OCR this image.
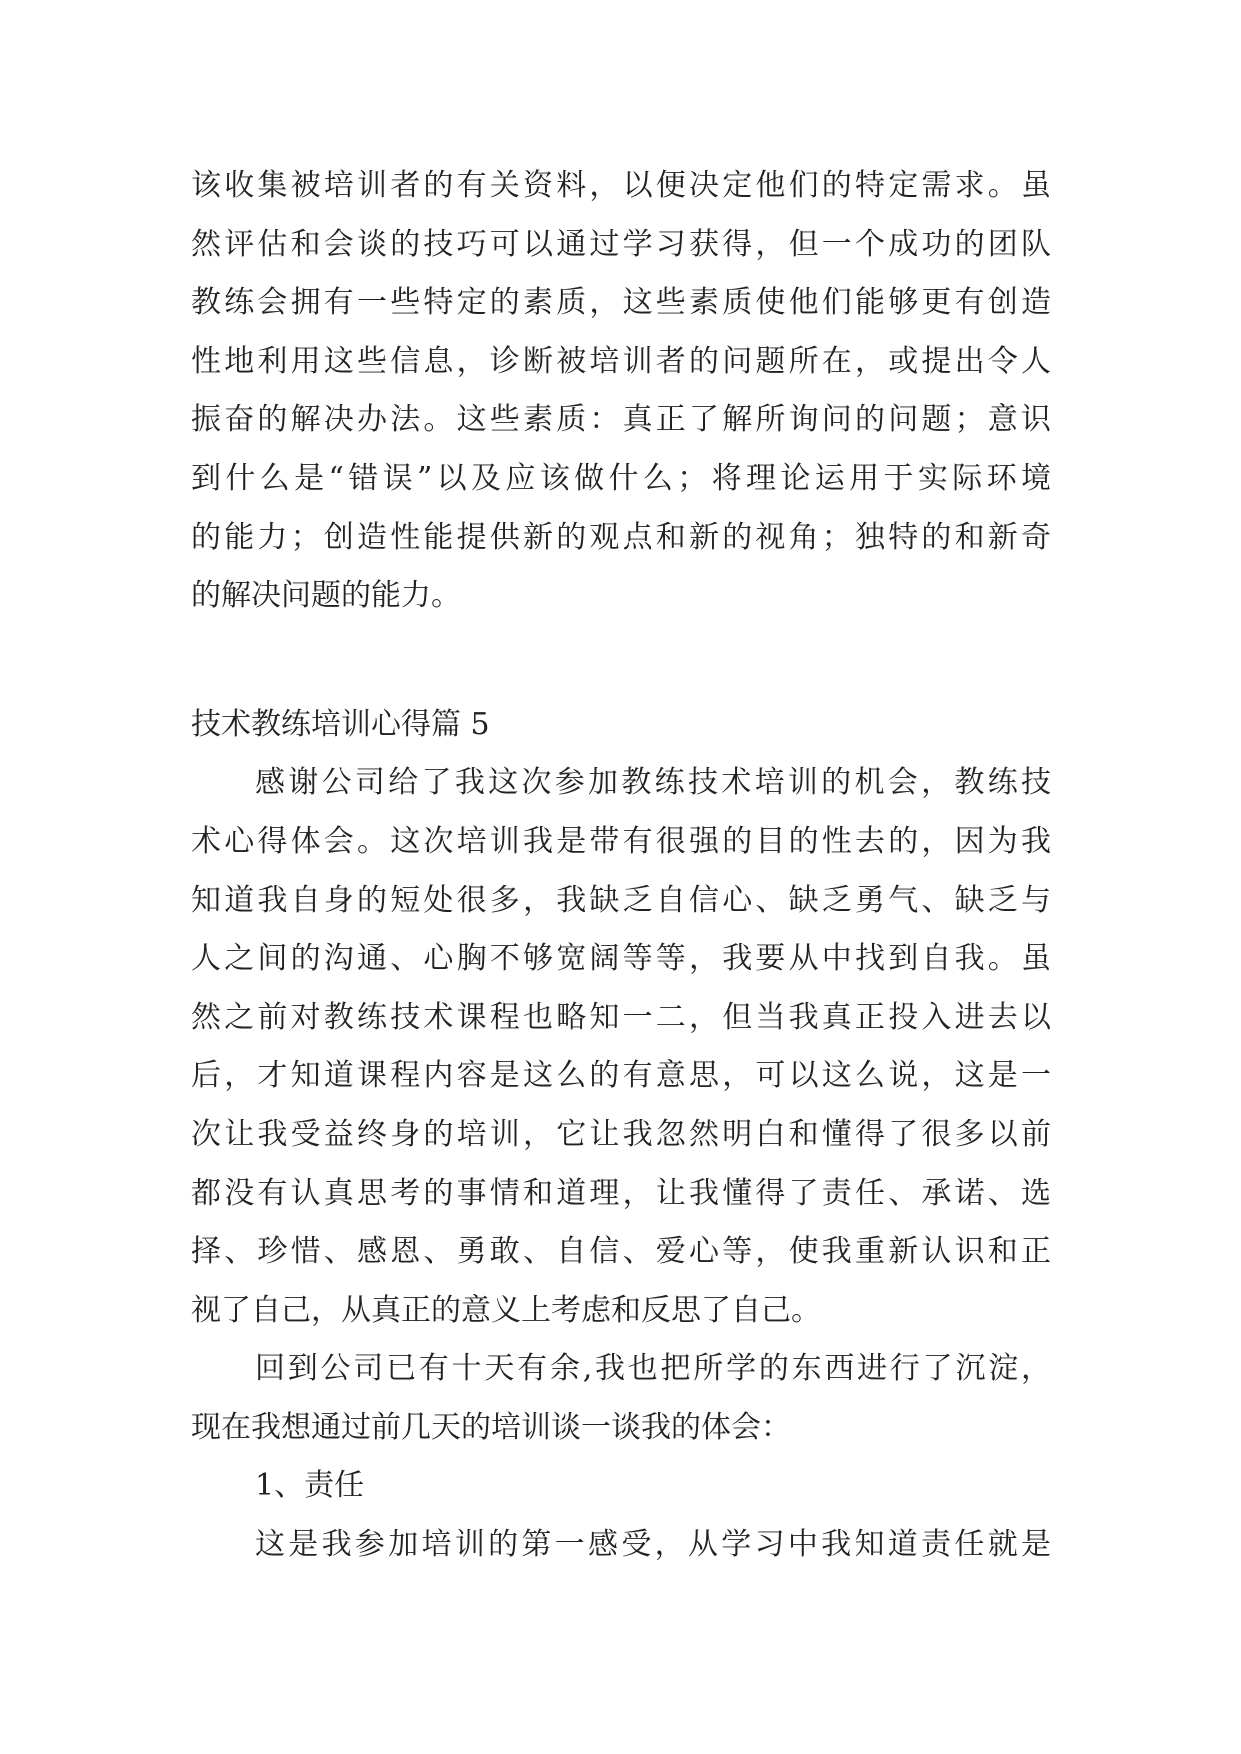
该收集被培训者的有关资料，以便决定他们的特定需求。虽
然评估和会谈的技巧可以通过学习获得，但一个成功的团队
教练会拥有一些特定的素质，这些素质使他们能够更有创造
性地利用这些信息，诊断被培训者的问题所在，或提出令人
振奋的解决办法。这些素质：真正了解所询问的问题；意识
到什么是“错误”以及应该做什么；将理论运用于实际环境
的能力；创造性能提供新的观点和新的视角；独特的和新奇
的解决问题的能力。
技术教练培训心得篇 5
感谢公司给了我这次参加教练技术培训的机会，教练技
术心得体会。这次培训我是带有很强的目的性去的，因为我
知道我自身的短处很多，我缺乏自信心、缺乏勇气、缺乏与
人之间的沟通、心胸不够宽阔等等，我要从中找到自我。虽
然之前对教练技术课程也略知一二，但当我真正投入进去以
后，才知道课程内容是这么的有意思，可以这么说，这是一
次让我受益终身的培训，它让我忽然明白和懂得了很多以前
都没有认真思考的事情和道理，让我懂得了责任、承诺、选
择、珍惜、感恩、勇敢、自信、爱心等，使我重新认识和正
视了自己，从真正的意义上考虑和反思了自己。
回到公司已有十天有余,我也把所学的东西进行了沉淀，
现在我想通过前几天的培训谈一谈我的体会：
1、责任
这是我参加培训的第一感受，从学习中我知道责任就是
